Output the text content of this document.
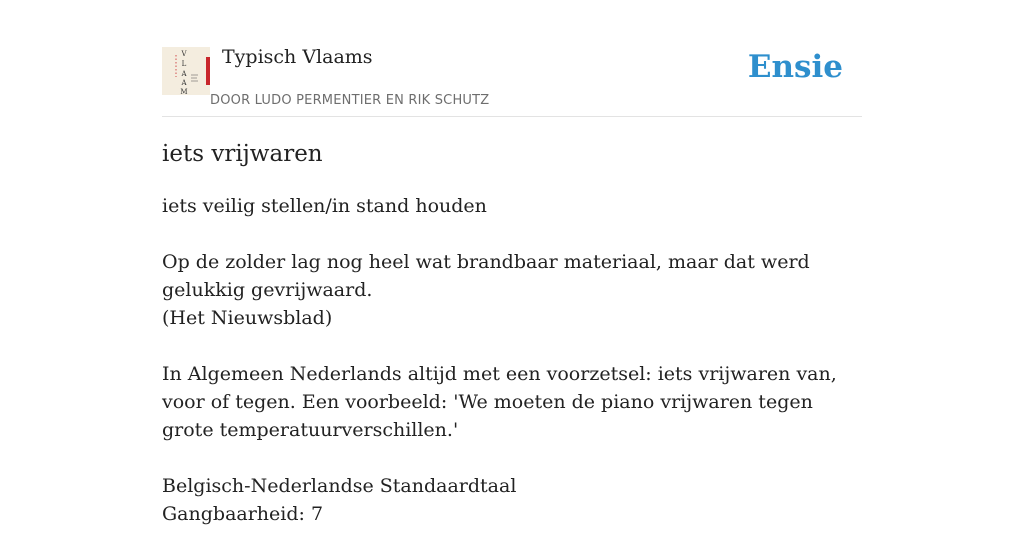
V
L
A
A
M
Typisch Vlaams
DOOR LUDO PERMENTIER EN RIK SCHUTZ
Ensie
iets vrijwaren

iets veilig stellen/in stand houden

Op de zolder lag nog heel wat brandbaar materiaal, maar dat werd gelukkig gevrijwaard.
(Het Nieuwsblad)

In Algemeen Nederlands altijd met een voorzetsel: iets vrijwaren van, voor of tegen. Een voorbeeld: 'We moeten de piano vrijwaren tegen grote temperatuurverschillen.'

Belgisch-Nederlandse Standaardtaal
Gangbaarheid: 7
